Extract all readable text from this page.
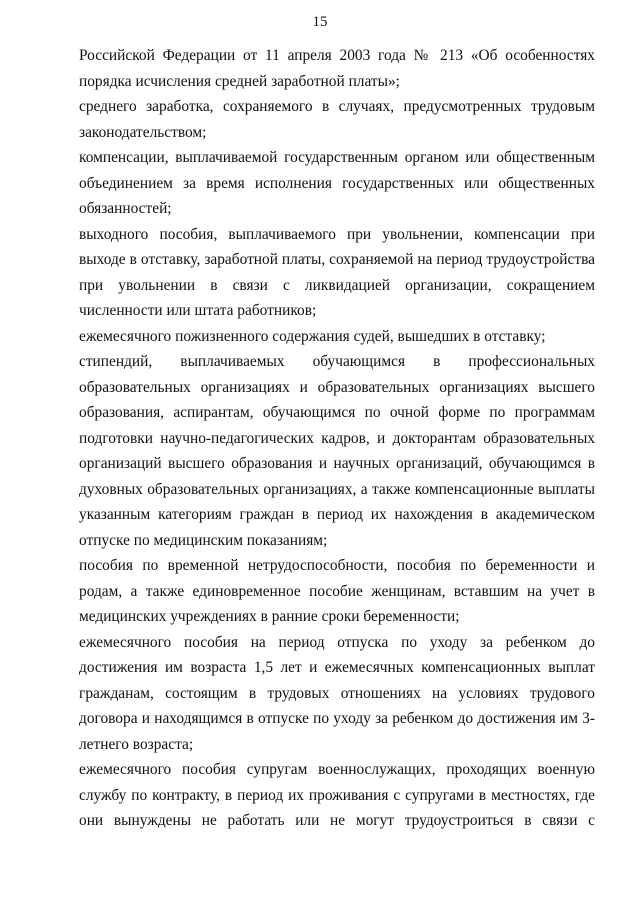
15

Российской Федерации от 11 апреля 2003 года № 213 «Об особенностях порядка исчисления средней заработной платы»;

среднего заработка, сохраняемого в случаях, предусмотренных трудовым законодательством;

компенсации, выплачиваемой государственным органом или общественным объединением за время исполнения государственных или общественных обязанностей;

выходного пособия, выплачиваемого при увольнении, компенсации при выходе в отставку, заработной платы, сохраняемой на период трудоустройства при увольнении в связи с ликвидацией организации, сокращением численности или штата работников;

ежемесячного пожизненного содержания судей, вышедших в отставку;

стипендий, выплачиваемых обучающимся в профессиональных образовательных организациях и образовательных организациях высшего образования, аспирантам, обучающимся по очной форме по программам подготовки научно-педагогических кадров, и докторантам образовательных организаций высшего образования и научных организаций, обучающимся в духовных образовательных организациях, а также компенсационные выплаты указанным категориям граждан в период их нахождения в академическом отпуске по медицинским показаниям;

пособия по временной нетрудоспособности, пособия по беременности и родам, а также единовременное пособие женщинам, вставшим на учет в медицинских учреждениях в ранние сроки беременности;

ежемесячного пособия на период отпуска по уходу за ребенком до достижения им возраста 1,5 лет и ежемесячных компенсационных выплат гражданам, состоящим в трудовых отношениях на условиях трудового договора и находящимся в отпуске по уходу за ребенком до достижения им 3-летнего возраста;

ежемесячного пособия супругам военнослужащих, проходящих военную службу по контракту, в период их проживания с супругами в местностях, где они вынуждены не работать или не могут трудоустроиться в связи с
